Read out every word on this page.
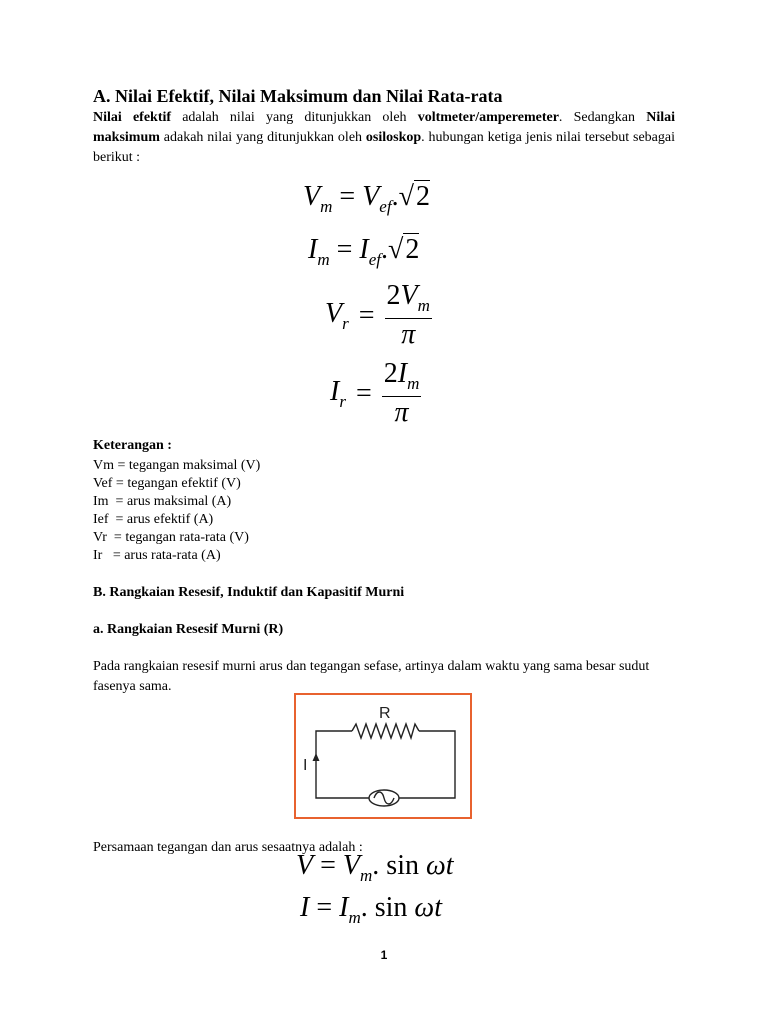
A. Nilai Efektif, Nilai Maksimum dan Nilai Rata-rata
Nilai efektif adalah nilai yang ditunjukkan oleh voltmeter/amperemeter. Sedangkan Nilai maksimum adakah nilai yang ditunjukkan oleh osiloskop. hubungan ketiga jenis nilai tersebut sebagai berikut :
$V_m = V_{ef}.√2$
$I_m = I_{ef}.√2$
$V_r = \frac{2V_m}{\pi}$
$I_r = \frac{2I_m}{\pi}$
Keterangan :
Vm = tegangan maksimal (V)
Vef = tegangan efektif (V)
Im  = arus maksimal (A)
Ief  = arus efektif (A)
Vr  = tegangan rata-rata (V)
Ir   = arus rata-rata (A)
B. Rangkaian Resesif, Induktif dan Kapasitif Murni
a. Rangkaian Resesif Murni (R)
Pada rangkaian resesif murni arus dan tegangan sefase, artinya dalam waktu yang sama besar sudut fasenya sama.
R
I
Persamaan tegangan dan arus sesaatnya adalah :
$V = V_m$. sin ωt
$I = I_m$. sin ωt
1
